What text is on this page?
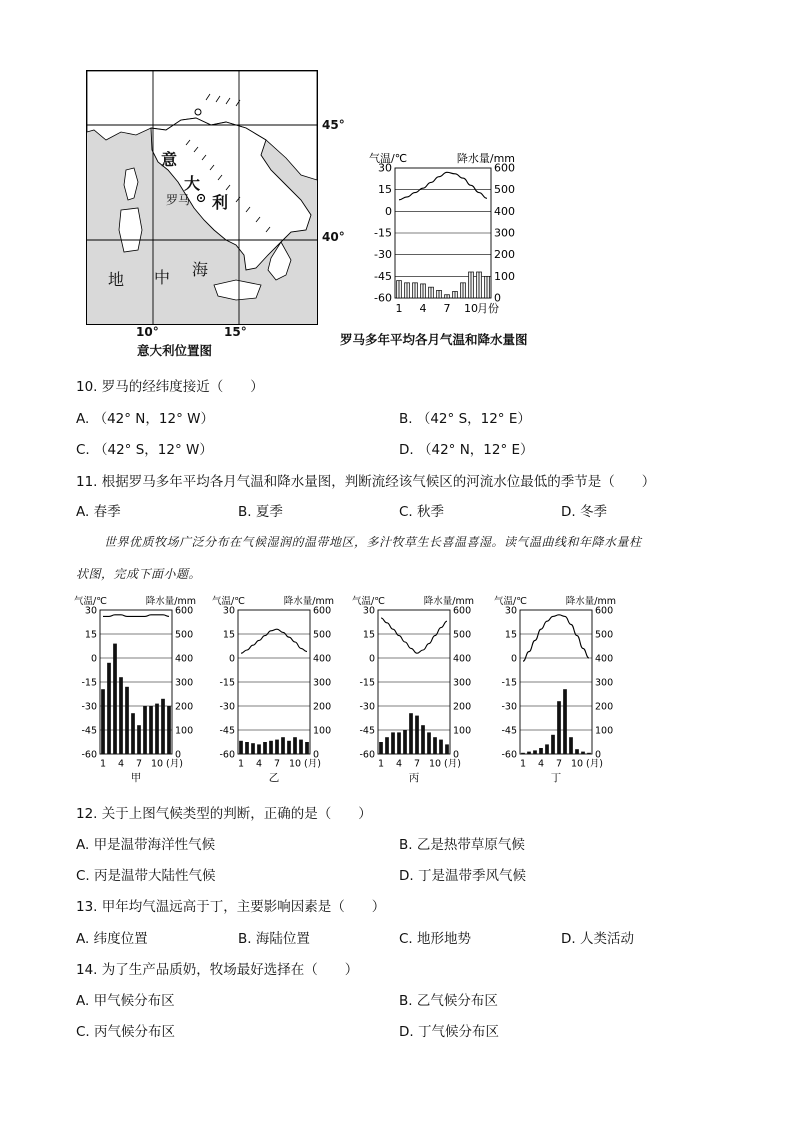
意
大
利
罗马
地 中 海
45°
40°
10°	15°
意大利位置图
30
15
0
-15
-30
-45
-60
600
500
400
300
200
100
0
1 4 7 10 月份
气温/℃	降水量/mm
罗马多年平均各月气温和降水量图
10. 罗马的经纬度接近（　　）
A. （42° N，12° W）	B. （42° S，12° E）
C. （42° S，12° W）	D. （42° N，12° E）
11. 根据罗马多年平均各月气温和降水量图，判断流经该气候区的河流水位最低的季节是（　　）
A. 春季	B. 夏季	C. 秋季	D. 冬季
世界优质牧场广泛分布在气候湿润的温带地区，多汁牧草生长喜温喜湿。读气温曲线和年降水量柱
状图，完成下面小题。
30
15
0
-15
-30
-45
-60
600
500
400
300
200
100
0
1 4 7 10 (月)
气温/℃	降水量/mm
甲
30
15
0
-15
-30
-45
-60
600
500
400
300
200
100
0
1 4 7 10 (月)
气温/℃	降水量/mm
乙
30
15
0
-15
-30
-45
-60
600
500
400
300
200
100
0
1 4 7 10 (月)
气温/℃	降水量/mm
丙
30
15
0
-15
-30
-45
-60
600
500
400
300
200
100
0
1 4 7 10 (月)
气温/℃	降水量/mm
丁
12. 关于上图气候类型的判断，正确的是（　　）
A. 甲是温带海洋性气候	B. 乙是热带草原气候
C. 丙是温带大陆性气候	D. 丁是温带季风气候
13. 甲年均气温远高于丁，主要影响因素是（　　）
A. 纬度位置	B. 海陆位置	C. 地形地势	D. 人类活动
14. 为了生产品质奶，牧场最好选择在（　　）
A. 甲气候分布区	B. 乙气候分布区
C. 丙气候分布区	D. 丁气候分布区
